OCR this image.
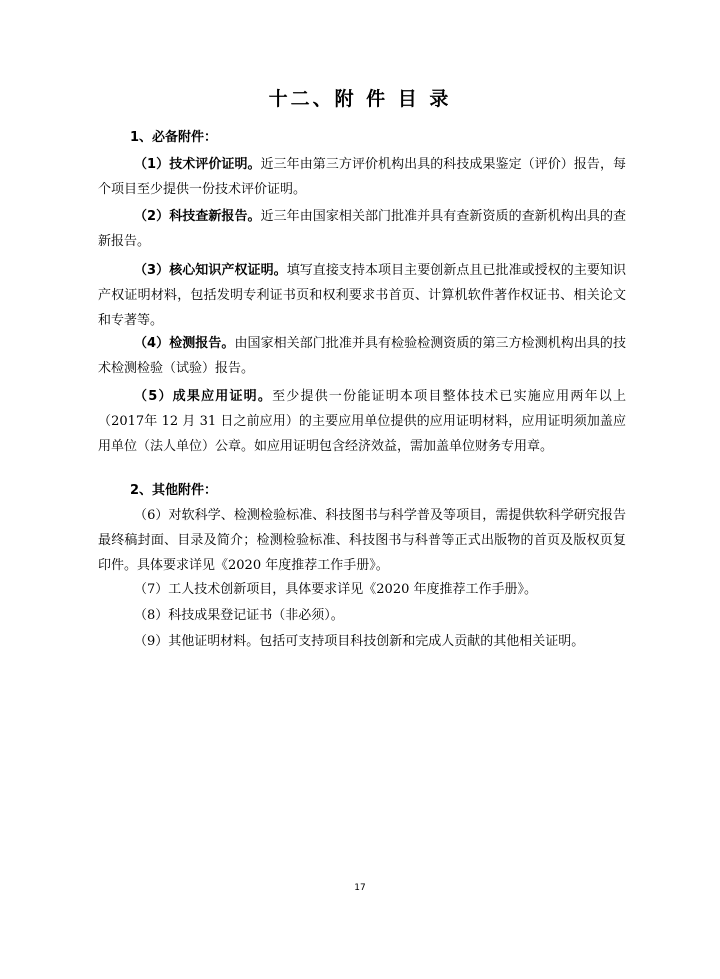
十二、附 件 目 录
1、必备附件：
（1）技术评价证明。近三年由第三方评价机构出具的科技成果鉴定（评价）报告，每个项目至少提供一份技术评价证明。
（2）科技查新报告。近三年由国家相关部门批准并具有查新资质的查新机构出具的查新报告。
（3）核心知识产权证明。填写直接支持本项目主要创新点且已批准或授权的主要知识产权证明材料，包括发明专利证书页和权利要求书首页、计算机软件著作权证书、相关论文和专著等。
（4）检测报告。由国家相关部门批准并具有检验检测资质的第三方检测机构出具的技术检测检验（试验）报告。
（5）成果应用证明。至少提供一份能证明本项目整体技术已实施应用两年以上（2017年 12 月 31 日之前应用）的主要应用单位提供的应用证明材料，应用证明须加盖应用单位（法人单位）公章。如应用证明包含经济效益，需加盖单位财务专用章。
2、其他附件：
（6）对软科学、检测检验标准、科技图书与科学普及等项目，需提供软科学研究报告最终稿封面、目录及简介；检测检验标准、科技图书与科普等正式出版物的首页及版权页复印件。具体要求详见《2020 年度推荐工作手册》。
（7）工人技术创新项目，具体要求详见《2020 年度推荐工作手册》。
（8）科技成果登记证书（非必须）。
（9）其他证明材料。包括可支持项目科技创新和完成人贡献的其他相关证明。
17
